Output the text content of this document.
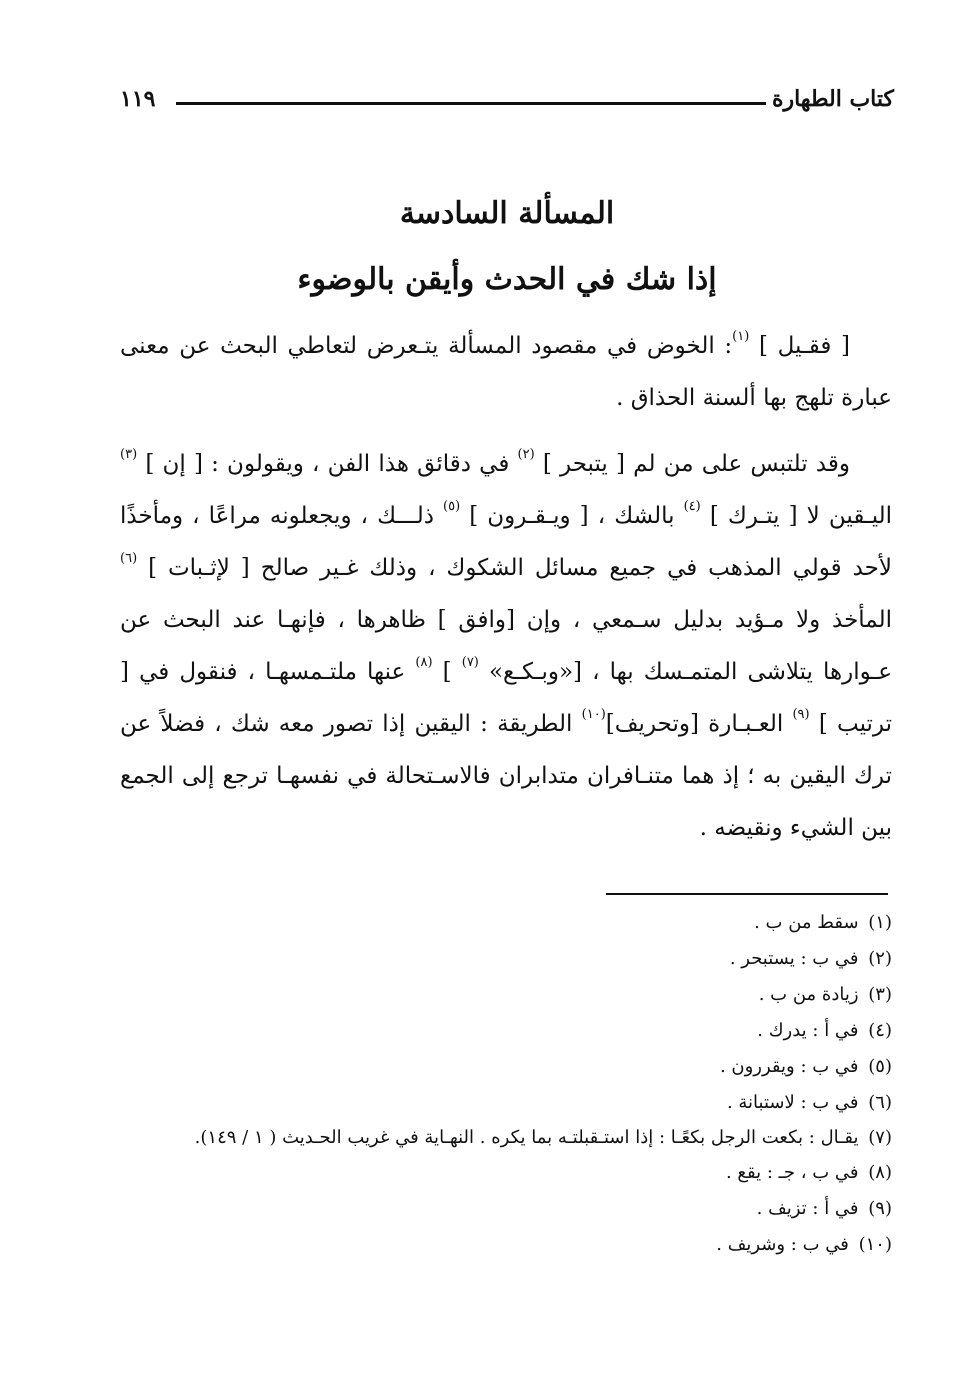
كتاب الطهارة
١١٩
المسألة السادسة
إذا شك في الحدث وأيقن بالوضوء

[ فقـيل ] $^{(١)}$: الخوض في مقصود المسألة يتـعرض لتعاطي البحث عن معنى عبارة تلهج بها ألسنة الحذاق .

وقد تلتبس على من لم [ يتبحر ] $^{(٢)}$ في دقائق هذا الفن ، ويقولون : [ إن ] $^{(٣)}$ اليـقين لا [ يتـرك ] $^{(٤)}$ بالشك ، [ ويـقـرون ] $^{(٥)}$ ذلـــك ، ويجعلونه مراعًا ، ومأخذًا لأحد قولي المذهب في جميع مسائل الشكوك ، وذلك غـير صالح [ لإثـبات ] $^{(٦)}$ المأخذ ولا مـؤيد بدليل سـمعي ، وإن [وافق ] ظاهرها ، فإنهـا عند البحث عن عـوارها يتلاشى المتمـسك بها ، [«وبـكـع» $^{(٧)}$ ] $^{(٨)}$ عنها ملتـمسهـا ، فنقول في [ ترتيب ] $^{(٩)}$ العـبـارة [وتحريف]$^{(١٠)}$ الطريقة : اليقين إذا تصور معه شك ، فضلاً عن ترك اليقين به ؛ إذ هما متنـافران متدابران فالاسـتحالة في نفسهـا ترجع إلى الجمع بين الشيء ونقيضه .

(١) سقط من ب .
(٢) في ب : يستبحر .
(٣) زيادة من ب .
(٤) في أ : يدرك .
(٥) في ب : ويقررون .
(٦) في ب : لاستبانة .
(٧) يقـال : بكعت الرجل بكعًـا : إذا استـقبلتـه بما يكره . النهـاية في غريب الحـديث ( ١ / ١٤٩).
(٨) في ب ، جـ : يقع .
(٩) في أ : تزيف .
(١٠) في ب : وشريف .
